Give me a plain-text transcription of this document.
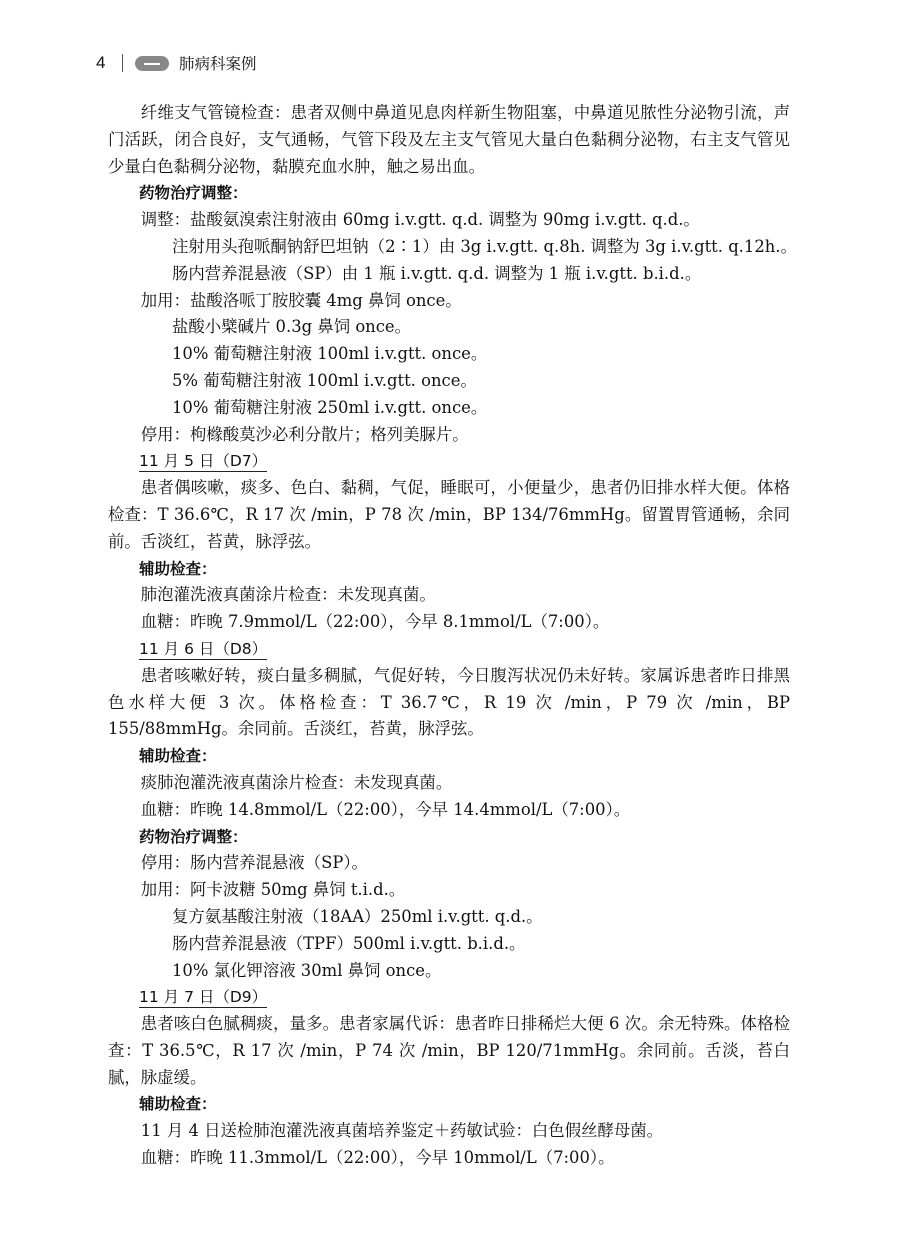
4	肺病科案例
纤维支气管镜检查：患者双侧中鼻道见息肉样新生物阻塞，中鼻道见脓性分泌物引流，声门活跃，闭合良好，支气通畅，气管下段及左主支气管见大量白色黏稠分泌物，右主支气管见少量白色黏稠分泌物，黏膜充血水肿，触之易出血。
药物治疗调整：
调整：盐酸氨溴索注射液由 60mg i.v.gtt. q.d. 调整为 90mg i.v.gtt. q.d.。
注射用头孢哌酮钠舒巴坦钠（2∶1）由 3g i.v.gtt. q.8h. 调整为 3g i.v.gtt. q.12h.。
肠内营养混悬液（SP）由 1 瓶 i.v.gtt. q.d. 调整为 1 瓶 i.v.gtt. b.i.d.。
加用：盐酸洛哌丁胺胶囊 4mg 鼻饲 once。
盐酸小檗碱片 0.3g 鼻饲 once。
10% 葡萄糖注射液 100ml i.v.gtt. once。
5% 葡萄糖注射液 100ml i.v.gtt. once。
10% 葡萄糖注射液 250ml i.v.gtt. once。
停用：枸橼酸莫沙必利分散片；格列美脲片。
11 月 5 日（D7）
患者偶咳嗽，痰多、色白、黏稠，气促，睡眠可，小便量少，患者仍旧排水样大便。体格检查：T 36.6℃，R 17 次 /min，P 78 次 /min，BP 134/76mmHg。留置胃管通畅，余同前。舌淡红，苔黄，脉浮弦。
辅助检查：
肺泡灌洗液真菌涂片检查：未发现真菌。
血糖：昨晚 7.9mmol/L（22:00），今早 8.1mmol/L（7:00）。
11 月 6 日（D8）
患者咳嗽好转，痰白量多稠腻，气促好转，今日腹泻状况仍未好转。家属诉患者昨日排黑色水样大便 3 次。体格检查：T 36.7℃，R 19 次 /min，P 79 次 /min，BP 155/88mmHg。余同前。舌淡红，苔黄，脉浮弦。
辅助检查：
痰肺泡灌洗液真菌涂片检查：未发现真菌。
血糖：昨晚 14.8mmol/L（22:00），今早 14.4mmol/L（7:00）。
药物治疗调整：
停用：肠内营养混悬液（SP）。
加用：阿卡波糖 50mg 鼻饲 t.i.d.。
复方氨基酸注射液（18AA）250ml i.v.gtt. q.d.。
肠内营养混悬液（TPF）500ml i.v.gtt. b.i.d.。
10% 氯化钾溶液 30ml 鼻饲 once。
11 月 7 日（D9）
患者咳白色腻稠痰，量多。患者家属代诉：患者昨日排稀烂大便 6 次。余无特殊。体格检查：T 36.5℃，R 17 次 /min，P 74 次 /min，BP 120/71mmHg。余同前。舌淡，苔白腻，脉虚缓。
辅助检查：
11 月 4 日送检肺泡灌洗液真菌培养鉴定＋药敏试验：白色假丝酵母菌。
血糖：昨晚 11.3mmol/L（22:00），今早 10mmol/L（7:00）。
